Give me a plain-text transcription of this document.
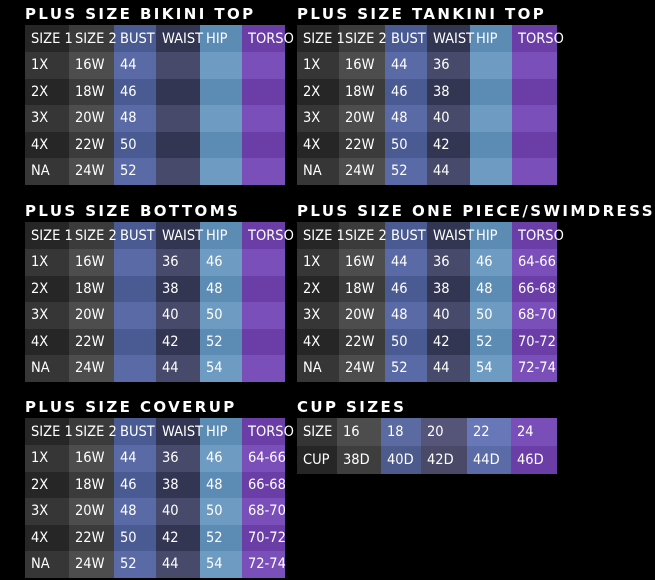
PLUS SIZE BIKINI TOP
SIZE 1	SIZE 2	BUST	WAIST	HIP	TORSO
1X	16W	44			
2X	18W	46			
3X	20W	48			
4X	22W	50			
NA	24W	52			
PLUS SIZE TANKINI TOP
SIZE 1	SIZE 2	BUST	WAIST	HIP	TORSO
1X	16W	44	36		
2X	18W	46	38		
3X	20W	48	40		
4X	22W	50	42		
NA	24W	52	44		
PLUS SIZE BOTTOMS
SIZE 1	SIZE 2	BUST	WAIST	HIP	TORSO
1X	16W		36	46	
2X	18W		38	48	
3X	20W		40	50	
4X	22W		42	52	
NA	24W		44	54	
PLUS SIZE ONE PIECE/SWIMDRESS
SIZE 1	SIZE 2	BUST	WAIST	HIP	TORSO
1X	16W	44	36	46	64-66
2X	18W	46	38	48	66-68
3X	20W	48	40	50	68-70
4X	22W	50	42	52	70-72
NA	24W	52	44	54	72-74
PLUS SIZE COVERUP
SIZE 1	SIZE 2	BUST	WAIST	HIP	TORSO
1X	16W	44	36	46	64-66
2X	18W	46	38	48	66-68
3X	20W	48	40	50	68-70
4X	22W	50	42	52	70-72
NA	24W	52	44	54	72-74
CUP SIZES
SIZE	16	18	20	22	24
CUP	38D	40D	42D	44D	46D
